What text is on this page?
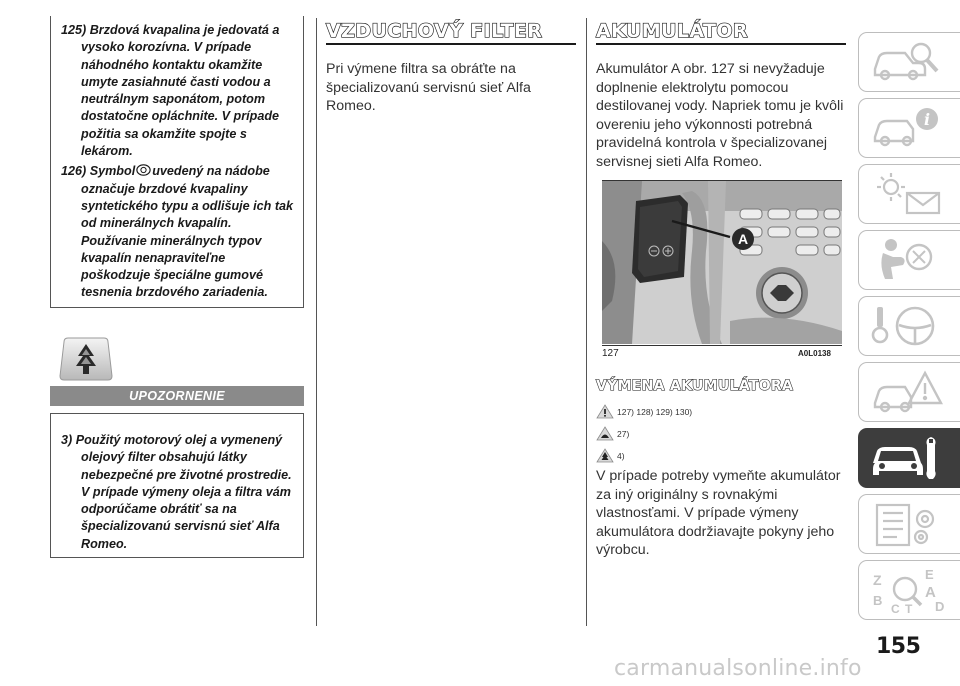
125) Brzdová kvapalina je jedovatá a vysoko korozívna. V prípade náhodného kontaktu okamžite umyte zasiahnuté časti vodou a neutrálnym saponátom, potom dostatočne opláchnite. V prípade požitia sa okamžite spojte s lekárom.

126) Symbol uvedený na nádobe označuje brzdové kvapaliny syntetického typu a odlišuje ich tak od minerálnych kvapalín. Používanie minerálnych typov kvapalín nenapraviteľne poškodzuje špeciálne gumové tesnenia brzdového zariadenia.

UPOZORNENIE

3) Použitý motorový olej a vymenený olejový filter obsahujú látky nebezpečné pre životné prostredie. V prípade výmeny oleja a filtra vám odporúčame obrátiť sa na špecializovanú servisnú sieť Alfa Romeo.

VZDUCHOVÝ FILTER

Pri výmene filtra sa obráťte na špecializovanú servisnú sieť Alfa Romeo.

AKUMULÁTOR

Akumulátor A obr. 127 si nevyžaduje doplnenie elektrolytu pomocou destilovanej vody. Napriek tomu je kvôli overeniu jeho výkonnosti potrebná pravidelná kontrola v špecializovanej servisnej sieti Alfa Romeo.

A
127	A0L0138
VÝMENA AKUMULÁTORA
127) 128) 129) 130)
27)
4)

V prípade potreby vymeňte akumulátor za iný originálny s rovnakými vlastnosťami. V prípade výmeny akumulátora dodržiavajte pokyny jeho výrobcu.

i
Z	E
A
B
C T D
155
carmanualsonline.info
